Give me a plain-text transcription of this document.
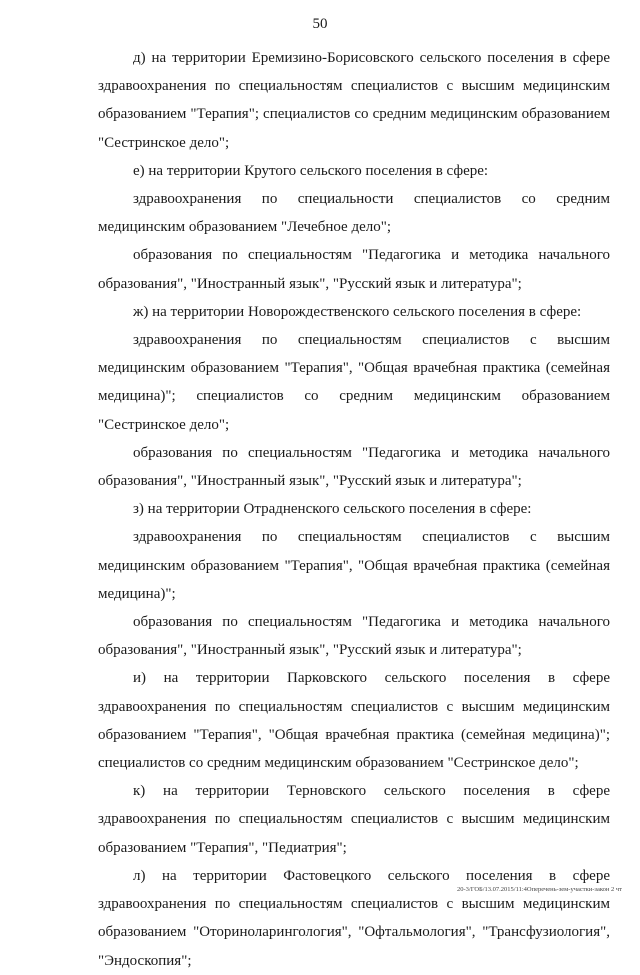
50

д) на территории Еремизино-Борисовского сельского поселения в сфере здравоохранения по специальностям специалистов с высшим медицинским образованием "Терапия"; специалистов со средним медицинским образованием "Сестринское дело";

е) на территории Крутого сельского поселения в сфере:

здравоохранения по специальности специалистов со средним медицинским образованием "Лечебное дело";

образования по специальностям "Педагогика и методика начального образования", "Иностранный язык", "Русский язык и литература";

ж) на территории Новорождественского сельского поселения в сфере:

здравоохранения по специальностям специалистов с высшим медицинским образованием "Терапия", "Общая врачебная практика (семейная медицина)"; специалистов со средним медицинским образованием "Сестринское дело";

образования по специальностям "Педагогика и методика начального образования", "Иностранный язык", "Русский язык и литература";

з) на территории Отрадненского сельского поселения в сфере:

здравоохранения по специальностям специалистов с высшим медицинским образованием "Терапия", "Общая врачебная практика (семейная медицина)";

образования по специальностям "Педагогика и методика начального образования", "Иностранный язык", "Русский язык и литература";

и) на территории Парковского сельского поселения в сфере здравоохранения по специальностям специалистов с высшим медицинским образованием "Терапия", "Общая врачебная практика (семейная медицина)"; специалистов со средним медицинским образованием "Сестринское дело";

к) на территории Терновского сельского поселения в сфере здравоохранения по специальностям специалистов с высшим медицинским образованием "Терапия", "Педиатрия";

л) на территории Фастовецкого сельского поселения в сфере здравоохранения по специальностям специалистов с высшим медицинским образованием "Оториноларингология", "Офтальмология", "Трансфузиология", "Эндоскопия";

20-3/ГОБ/13.07.2015/11:4Оперечень-зем-участки-закон 2 чт
